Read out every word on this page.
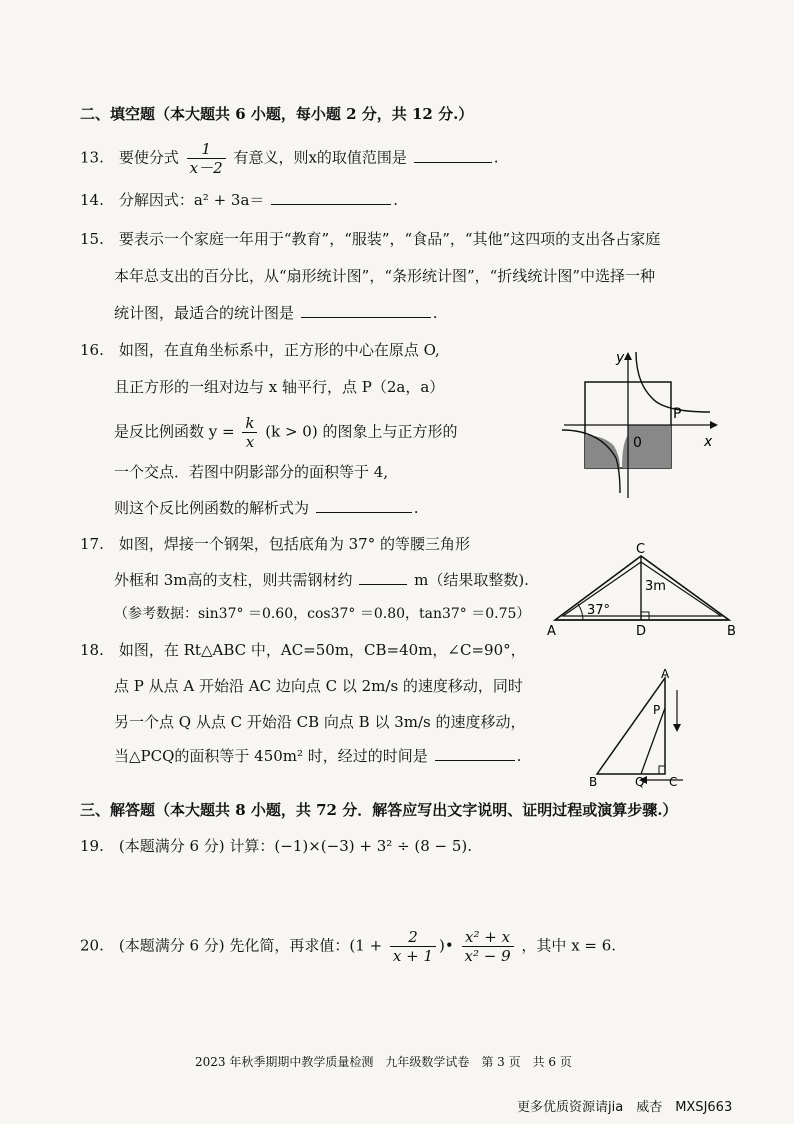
二、填空题（本大题共 6 小题，每小题 2 分，共 12 分.）
13.　要使分式 $\frac{1}{x-2}$ 有意义，则x的取值范围是	.
14.　分解因式：a² + 3a＝	.
15.　要表示一个家庭一年用于“教育”，“服装”，“食品”，“其他”这四项的支出各占家庭
本年总支出的百分比，从“扇形统计图”，“条形统计图”，“折线统计图”中选择一种
统计图，最适合的统计图是	.
16.　如图，在直角坐标系中，正方形的中心在原点 O,
且正方形的一组对边与 x 轴平行，点 P（2a，a）
是反比例函数 $y = \frac{k}{x} (k > 0)$ 的图象上与正方形的
一个交点．若图中阴影部分的面积等于 4,
则这个反比例函数的解析式为	.
y
x
0
P
17.　如图，焊接一个钢架，包括底角为 37° 的等腰三角形
外框和 3m高的支柱，则共需钢材约	m（结果取整数).
（参考数据：sin37° ＝0.60，cos37° ＝0.80，tan37° ＝0.75）
C
A	D	B
37°
3m
18.　如图，在 Rt△ABC 中，AC=50m，CB=40m，∠C=90°，
点 P 从点 A 开始沿 AC 边向点 C 以 2m/s 的速度移动，同时
另一个点 Q 从点 C 开始沿 CB 向点 B 以 3m/s 的速度移动，
当△PCQ的面积等于 450m² 时，经过的时间是	.
A
P
B	Q C
三、解答题（本大题共 8 小题，共 72 分．解答应写出文字说明、证明过程或演算步骤.）
19.　(本题满分 6 分) 计算：(−1)×(−3) + 3² ÷ (8 − 5).
20.　(本题满分 6 分) 先化简，再求值：($1 + \frac{2}{x + 1}$ )• $\frac{\text{x² + x}}{\text{x² − 9}}$ ，其中 x = 6.
2023 年秋季期期中教学质量检测　九年级数学试卷　第 3 页　共 6 页
更多优质资源请jia　威杏　MXSJ663
